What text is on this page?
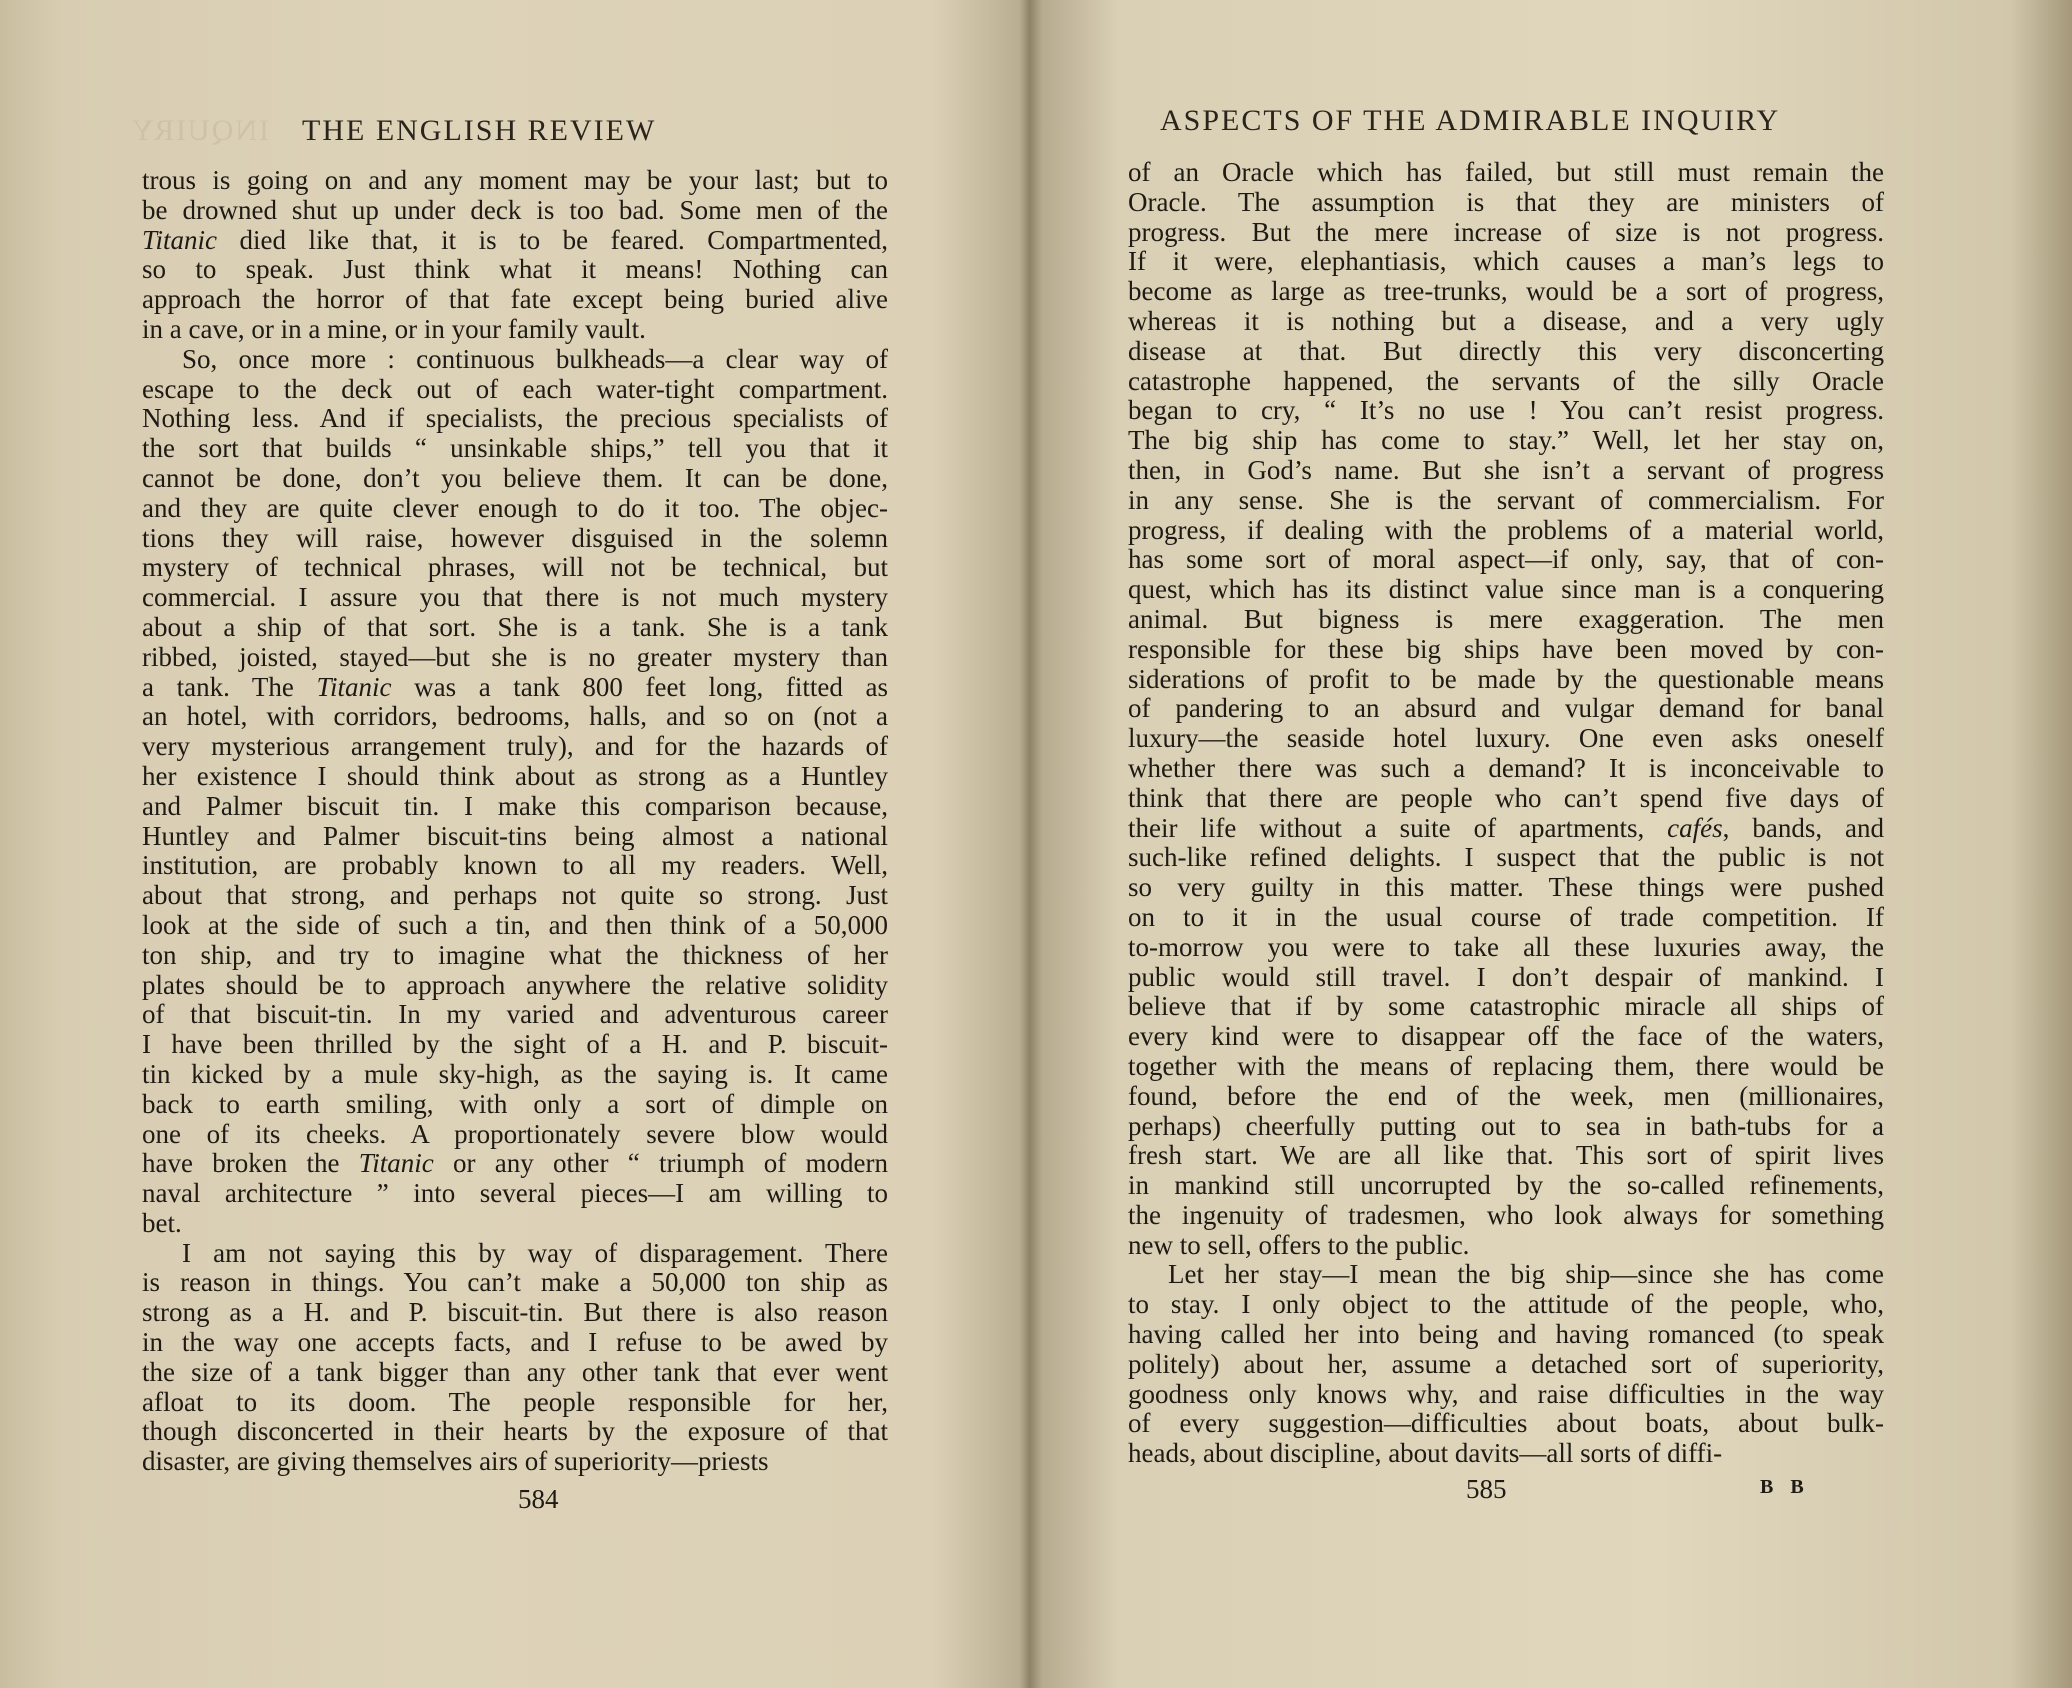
INQUIRY THE ENGLISH REVIEW
trous is going on and any moment may be your last; but to
be drowned shut up under deck is too bad. Some men of the
Titanic died like that, it is to be feared. Compartmented,
so to speak. Just think what it means! Nothing can
approach the horror of that fate except being buried alive
in a cave, or in a mine, or in your family vault.
So, once more : continuous bulkheads—a clear way of
escape to the deck out of each water-tight compartment.
Nothing less. And if specialists, the precious specialists of
the sort that builds “ unsinkable ships,” tell you that it
cannot be done, don’t you believe them. It can be done,
and they are quite clever enough to do it too. The objec-
tions they will raise, however disguised in the solemn
mystery of technical phrases, will not be technical, but
commercial. I assure you that there is not much mystery
about a ship of that sort. She is a tank. She is a tank
ribbed, joisted, stayed—but she is no greater mystery than
a tank. The Titanic was a tank 800 feet long, fitted as
an hotel, with corridors, bedrooms, halls, and so on (not a
very mysterious arrangement truly), and for the hazards of
her existence I should think about as strong as a Huntley
and Palmer biscuit tin. I make this comparison because,
Huntley and Palmer biscuit-tins being almost a national
institution, are probably known to all my readers. Well,
about that strong, and perhaps not quite so strong. Just
look at the side of such a tin, and then think of a 50,000
ton ship, and try to imagine what the thickness of her
plates should be to approach anywhere the relative solidity
of that biscuit-tin. In my varied and adventurous career
I have been thrilled by the sight of a H. and P. biscuit-
tin kicked by a mule sky-high, as the saying is. It came
back to earth smiling, with only a sort of dimple on
one of its cheeks. A proportionately severe blow would
have broken the Titanic or any other “ triumph of modern
naval architecture ” into several pieces—I am willing to
bet.
I am not saying this by way of disparagement. There
is reason in things. You can’t make a 50,000 ton ship as
strong as a H. and P. biscuit-tin. But there is also reason
in the way one accepts facts, and I refuse to be awed by
the size of a tank bigger than any other tank that ever went
afloat to its doom. The people responsible for her,
though disconcerted in their hearts by the exposure of that
disaster, are giving themselves airs of superiority—priests
584
ASPECTS OF THE ADMIRABLE INQUIRY
of an Oracle which has failed, but still must remain the
Oracle. The assumption is that they are ministers of
progress. But the mere increase of size is not progress.
If it were, elephantiasis, which causes a man’s legs to
become as large as tree-trunks, would be a sort of progress,
whereas it is nothing but a disease, and a very ugly
disease at that. But directly this very disconcerting
catastrophe happened, the servants of the silly Oracle
began to cry, “ It’s no use ! You can’t resist progress.
The big ship has come to stay.” Well, let her stay on,
then, in God’s name. But she isn’t a servant of progress
in any sense. She is the servant of commercialism. For
progress, if dealing with the problems of a material world,
has some sort of moral aspect—if only, say, that of con-
quest, which has its distinct value since man is a conquering
animal. But bigness is mere exaggeration. The men
responsible for these big ships have been moved by con-
siderations of profit to be made by the questionable means
of pandering to an absurd and vulgar demand for banal
luxury—the seaside hotel luxury. One even asks oneself
whether there was such a demand? It is inconceivable to
think that there are people who can’t spend five days of
their life without a suite of apartments, cafés, bands, and
such-like refined delights. I suspect that the public is not
so very guilty in this matter. These things were pushed
on to it in the usual course of trade competition. If
to-morrow you were to take all these luxuries away, the
public would still travel. I don’t despair of mankind. I
believe that if by some catastrophic miracle all ships of
every kind were to disappear off the face of the waters,
together with the means of replacing them, there would be
found, before the end of the week, men (millionaires,
perhaps) cheerfully putting out to sea in bath-tubs for a
fresh start. We are all like that. This sort of spirit lives
in mankind still uncorrupted by the so-called refinements,
the ingenuity of tradesmen, who look always for something
new to sell, offers to the public.
Let her stay—I mean the big ship—since she has come
to stay. I only object to the attitude of the people, who,
having called her into being and having romanced (to speak
politely) about her, assume a detached sort of superiority,
goodness only knows why, and raise difficulties in the way
of every suggestion—difficulties about boats, about bulk-
heads, about discipline, about davits—all sorts of diffi-
585	B B
